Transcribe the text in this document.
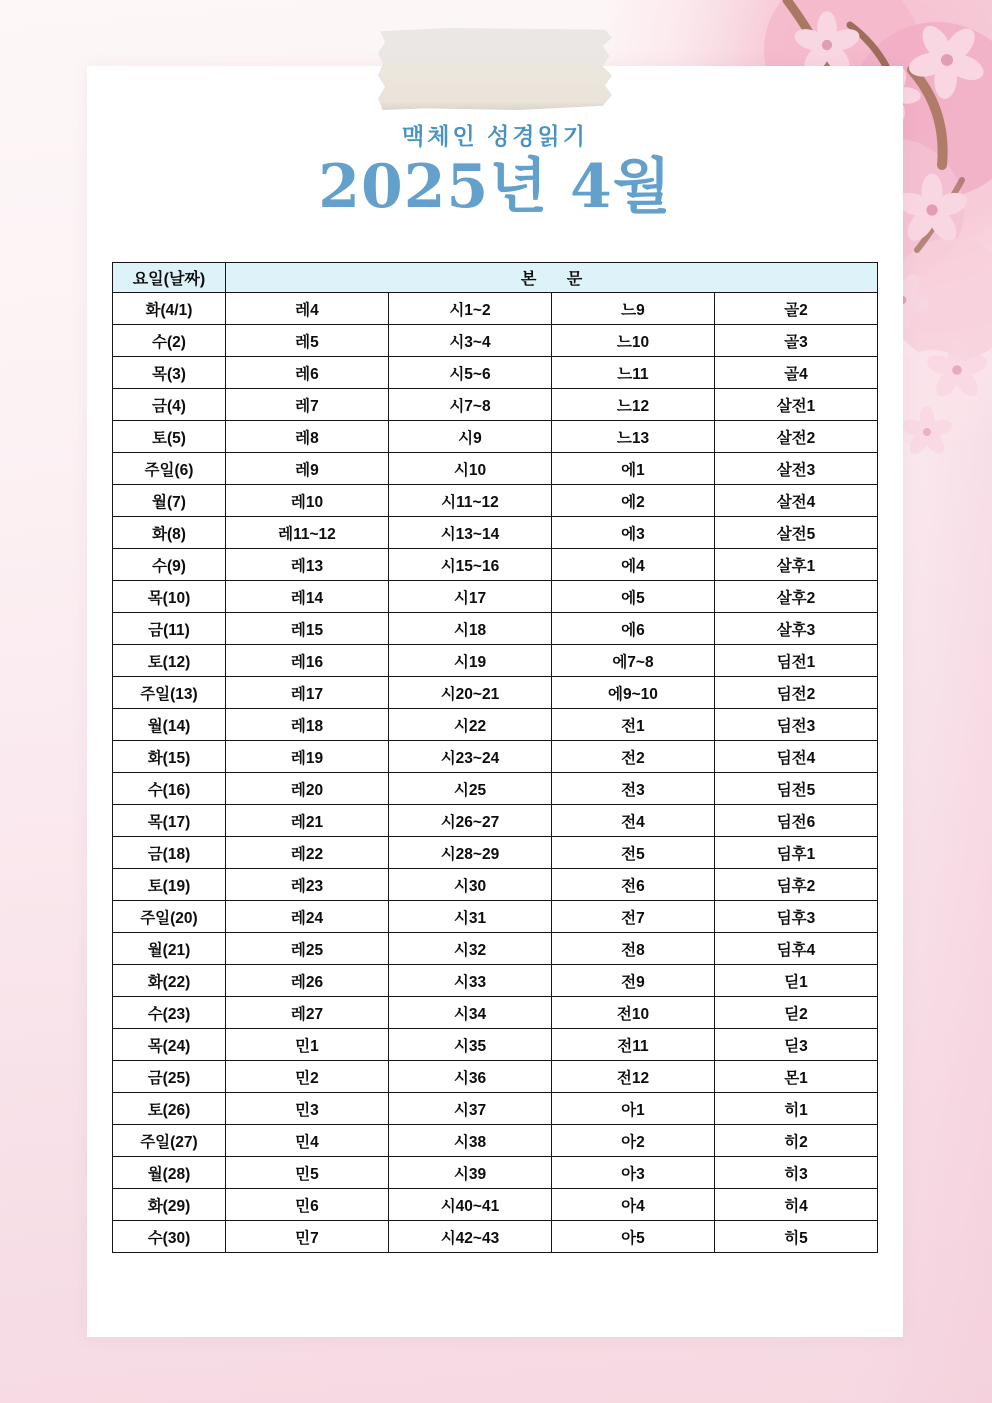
맥체인 성경읽기
2025년 4월
요일(날짜)	본 문			
화(4/1)	레4	시1~2	느9	골2
수(2)	레5	시3~4	느10	골3
목(3)	레6	시5~6	느11	골4
금(4)	레7	시7~8	느12	살전1
토(5)	레8	시9	느13	살전2
주일(6)	레9	시10	에1	살전3
월(7)	레10	시11~12	에2	살전4
화(8)	레11~12	시13~14	에3	살전5
수(9)	레13	시15~16	에4	살후1
목(10)	레14	시17	에5	살후2
금(11)	레15	시18	에6	살후3
토(12)	레16	시19	에7~8	딤전1
주일(13)	레17	시20~21	에9~10	딤전2
월(14)	레18	시22	전1	딤전3
화(15)	레19	시23~24	전2	딤전4
수(16)	레20	시25	전3	딤전5
목(17)	레21	시26~27	전4	딤전6
금(18)	레22	시28~29	전5	딤후1
토(19)	레23	시30	전6	딤후2
주일(20)	레24	시31	전7	딤후3
월(21)	레25	시32	전8	딤후4
화(22)	레26	시33	전9	딛1
수(23)	레27	시34	전10	딛2
목(24)	민1	시35	전11	딛3
금(25)	민2	시36	전12	몬1
토(26)	민3	시37	아1	히1
주일(27)	민4	시38	아2	히2
월(28)	민5	시39	아3	히3
화(29)	민6	시40~41	아4	히4
수(30)	민7	시42~43	아5	히5
